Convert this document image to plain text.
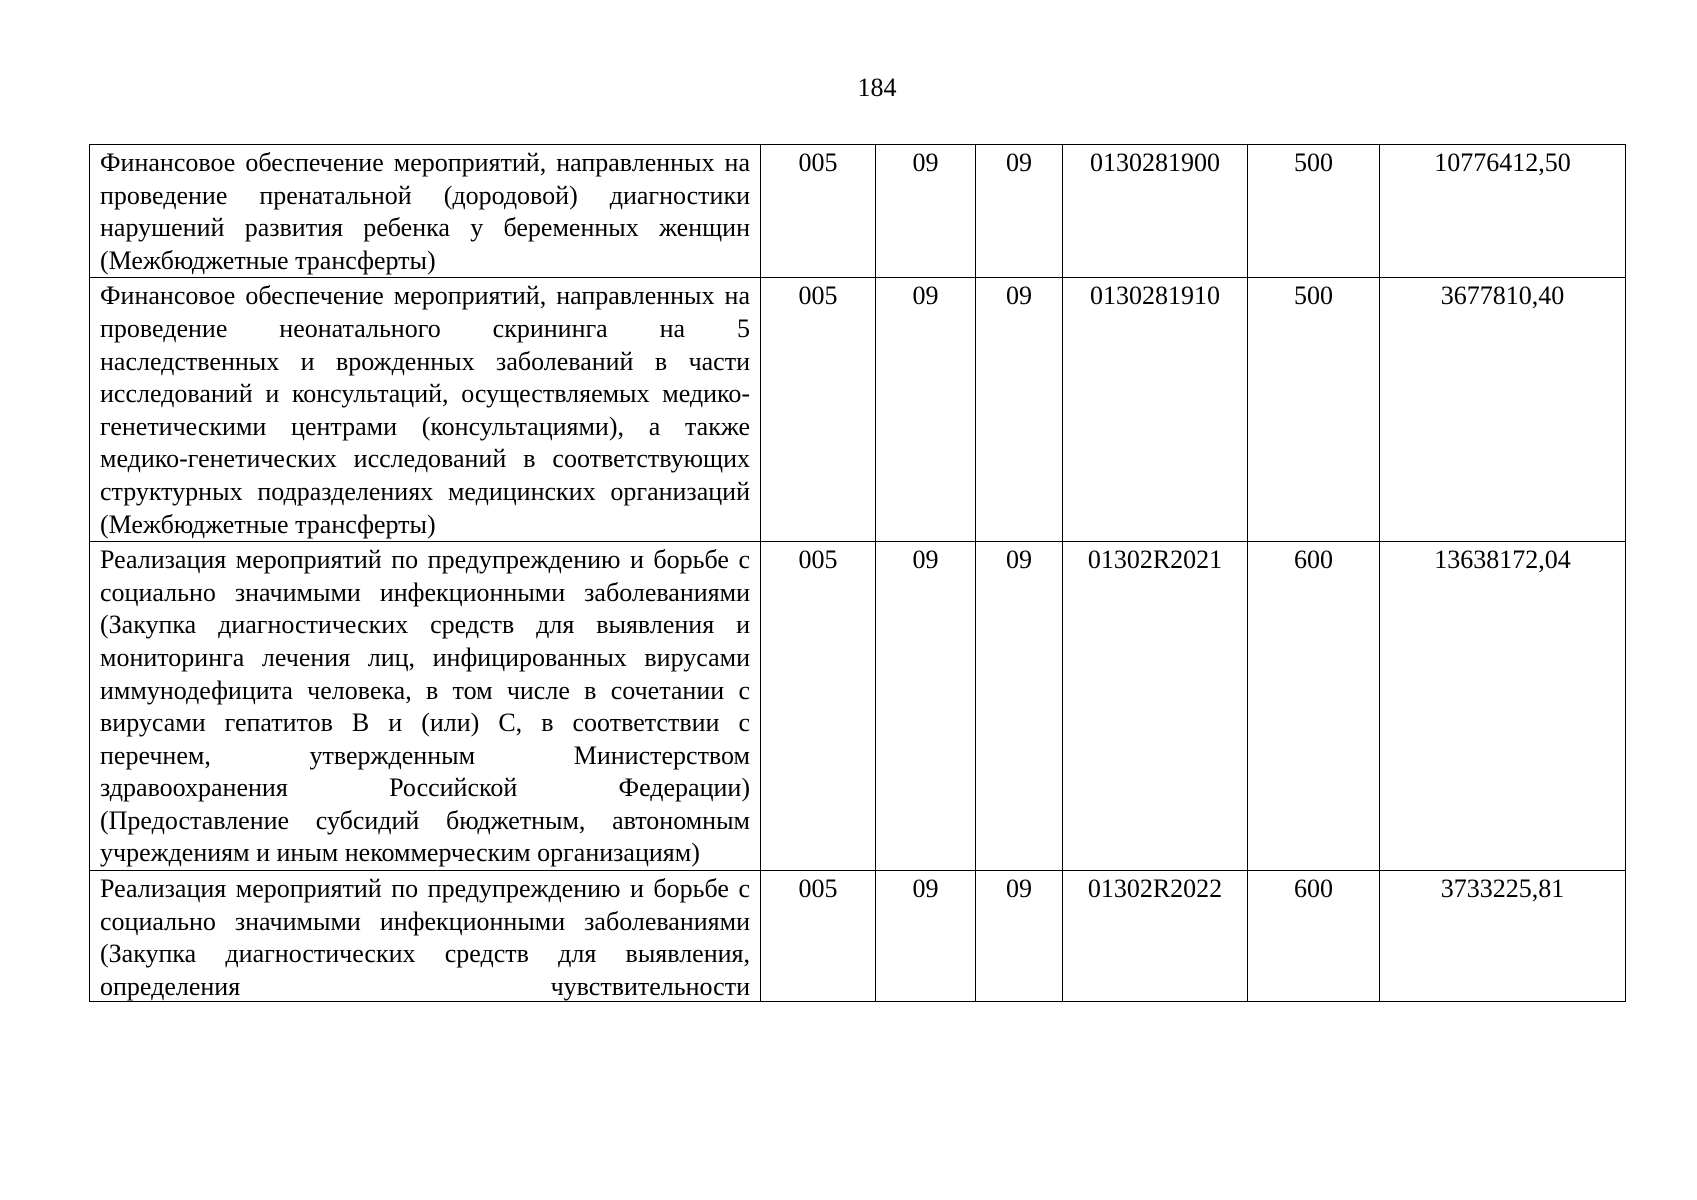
184
Финансовое обеспечение мероприятий, направленных на проведение пренатальной (дородовой) диагностики нарушений развития ребенка у беременных женщин (Межбюджетные трансферты)	005	09	09	0130281900	500	10776412,50
Финансовое обеспечение мероприятий, направленных на проведение неонатального скрининга на 5 наследственных и врожденных заболеваний в части исследований и консультаций, осуществляемых медико-генетическими центрами (консультациями), а также медико-генетических исследований в соответствующих структурных подразделениях медицинских организаций (Межбюджетные трансферты)	005	09	09	0130281910	500	3677810,40
Реализация мероприятий по предупреждению и борьбе с социально значимыми инфекционными заболеваниями (Закупка диагностических средств для выявления и мониторинга лечения лиц, инфицированных вирусами иммунодефицита человека, в том числе в сочетании с вирусами гепатитов B и (или) C, в соответствии с перечнем, утвержденным Министерством здравоохранения Российской Федерации) (Предоставление субсидий бюджетным, автономным учреждениям и иным некоммерческим организациям)	005	09	09	01302R2021	600	13638172,04

Реализация мероприятий по предупреждению и борьбе с социально значимыми инфекционными заболеваниями (Закупка диагностических средств для выявления, определения чувствительности	005	09	09	01302R2022	600	3733225,81
